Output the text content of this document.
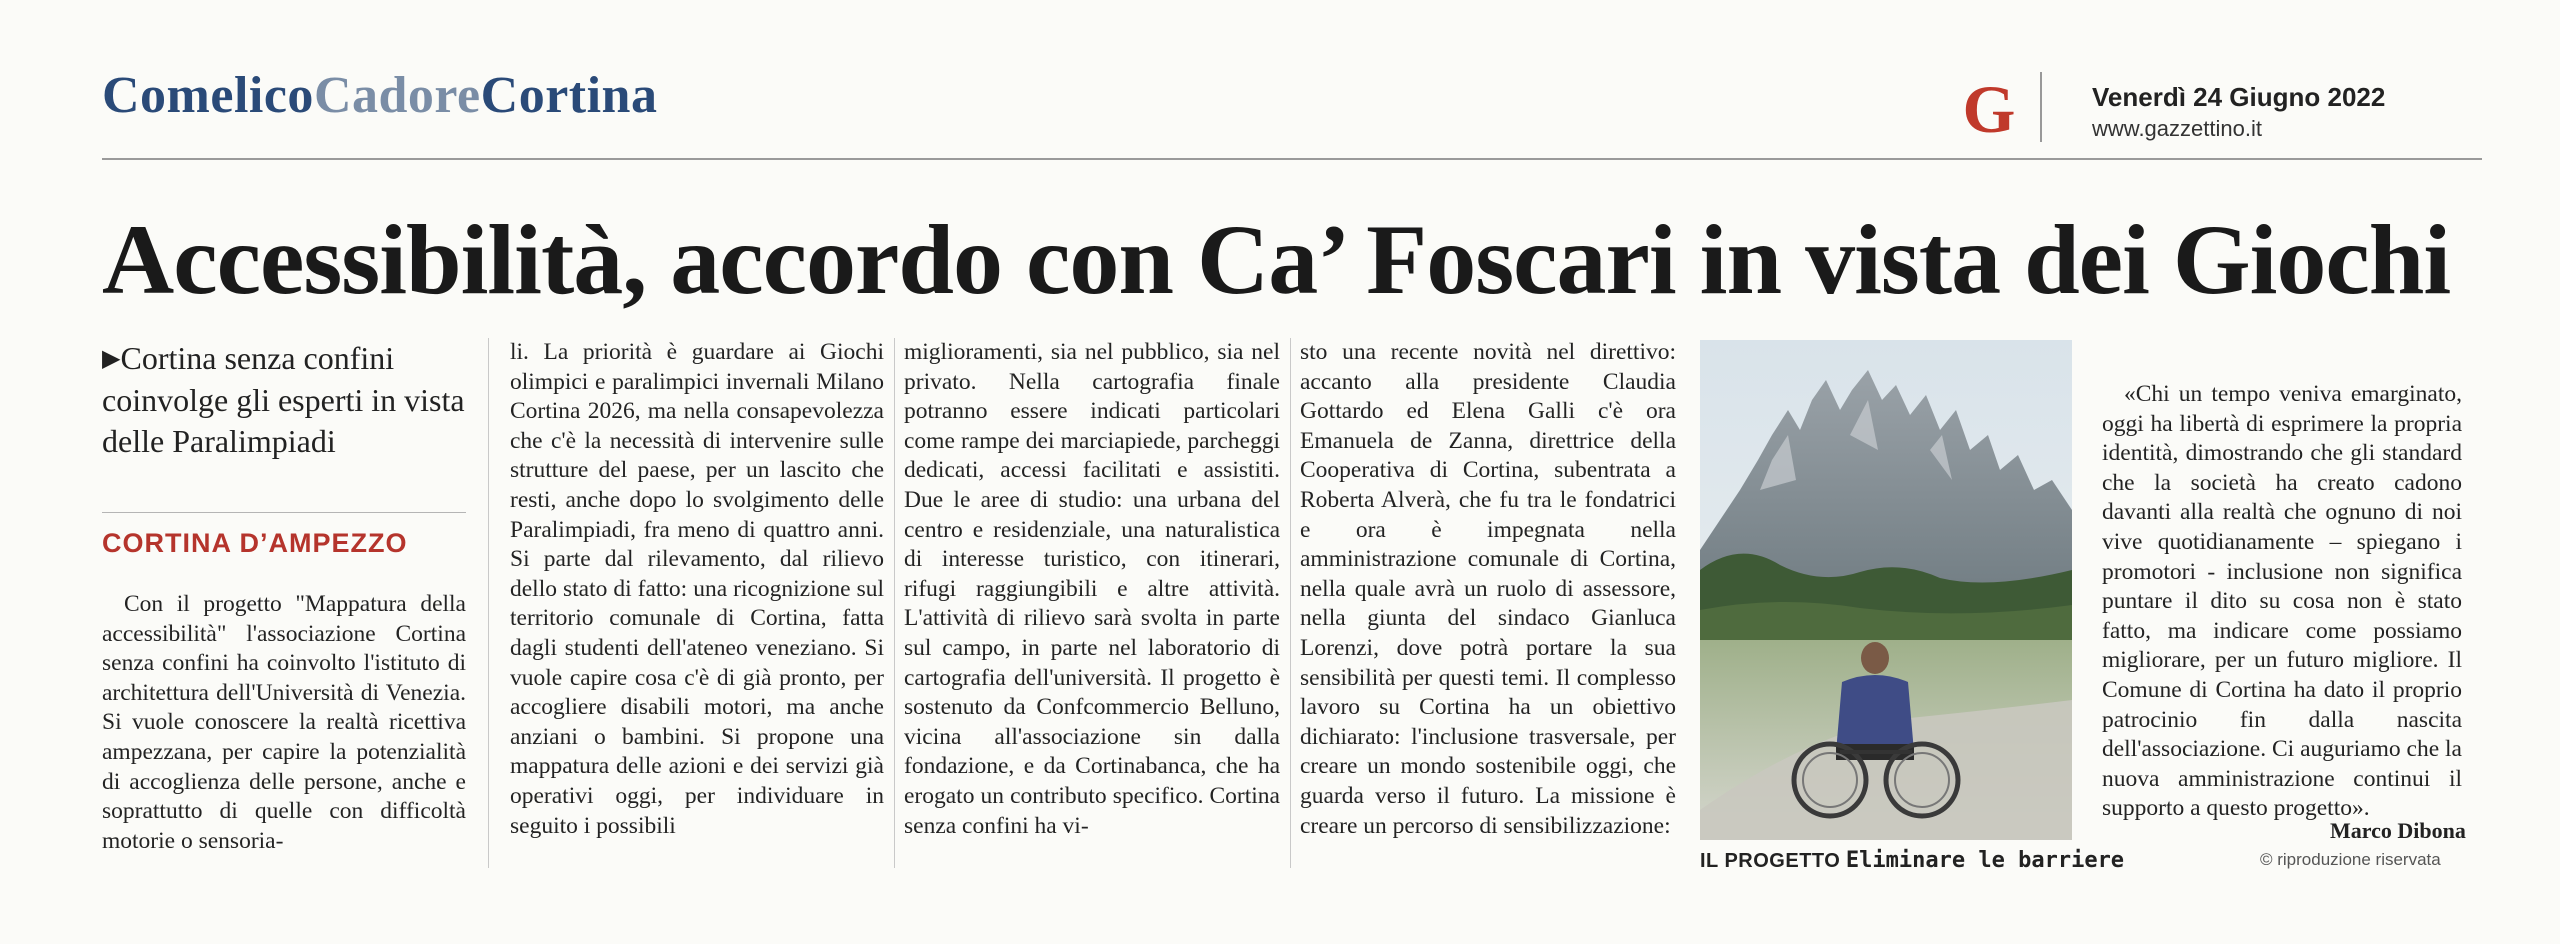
ComelicoCadoreCortina	G	Venerdì 24 Giugno 2022
www.gazzettino.it
Accessibilità, accordo con Ca’ Foscari in vista dei Giochi
▶Cortina senza confini coinvolge gli esperti in vista delle Paralimpiadi
CORTINA D’AMPEZZO

Con il progetto "Mappatura della accessibilità" l'associazione Cortina senza confini ha coinvolto l'istituto di architettura dell'Università di Venezia. Si vuole conoscere la realtà ricettiva ampezzana, per capire la potenzialità di accoglienza delle persone, anche e soprattutto di quelle con difficoltà motorie o sensoria-

li. La priorità è guardare ai Giochi olimpici e paralimpici invernali Milano Cortina 2026, ma nella consapevolezza che c'è la necessità di intervenire sulle strutture del paese, per un lascito che resti, anche dopo lo svolgimento delle Paralimpiadi, fra meno di quattro anni. Si parte dal rilevamento, dal rilievo dello stato di fatto: una ricognizione sul territorio comunale di Cortina, fatta dagli studenti dell'ateneo veneziano. Si vuole capire cosa c'è di già pronto, per accogliere disabili motori, ma anche anziani o bambini. Si propone una mappatura delle azioni e dei servizi già operativi oggi, per individuare in seguito i possibili

miglioramenti, sia nel pubblico, sia nel privato. Nella cartografia finale potranno essere indicati particolari come rampe dei marciapiede, parcheggi dedicati, accessi facilitati e assistiti. Due le aree di studio: una urbana del centro e residenziale, una naturalistica di interesse turistico, con itinerari, rifugi raggiungibili e altre attività. L'attività di rilievo sarà svolta in parte sul campo, in parte nel laboratorio di cartografia dell'università. Il progetto è sostenuto da Confcommercio Belluno, vicina all'associazione sin dalla fondazione, e da Cortinabanca, che ha erogato un contributo specifico. Cortina senza confini ha vi-

sto una recente novità nel direttivo: accanto alla presidente Claudia Gottardo ed Elena Galli c'è ora Emanuela de Zanna, direttrice della Cooperativa di Cortina, subentrata a Roberta Alverà, che fu tra le fondatrici e ora è impegnata nella amministrazione comunale di Cortina, nella quale avrà un ruolo di assessore, nella giunta del sindaco Gianluca Lorenzi, dove potrà portare la sua sensibilità per questi temi. Il complesso lavoro su Cortina ha un obiettivo dichiarato: l'inclusione trasversale, per creare un mondo sostenibile oggi, che guarda verso il futuro. La missione è creare un percorso di sensibilizzazione:

IL PROGETTO Eliminare le barriere

«Chi un tempo veniva emarginato, oggi ha libertà di esprimere la propria identità, dimostrando che gli standard che la società ha creato cadono davanti alla realtà che ognuno di noi vive quotidianamente – spiegano i promotori - inclusione non significa puntare il dito su cosa non è stato fatto, ma indicare come possiamo migliorare, per un futuro migliore. Il Comune di Cortina ha dato il proprio patrocinio fin dalla nascita dell'associazione. Ci auguriamo che la nuova amministrazione continui il supporto a questo progetto».

Marco Dibona
© riproduzione riservata
